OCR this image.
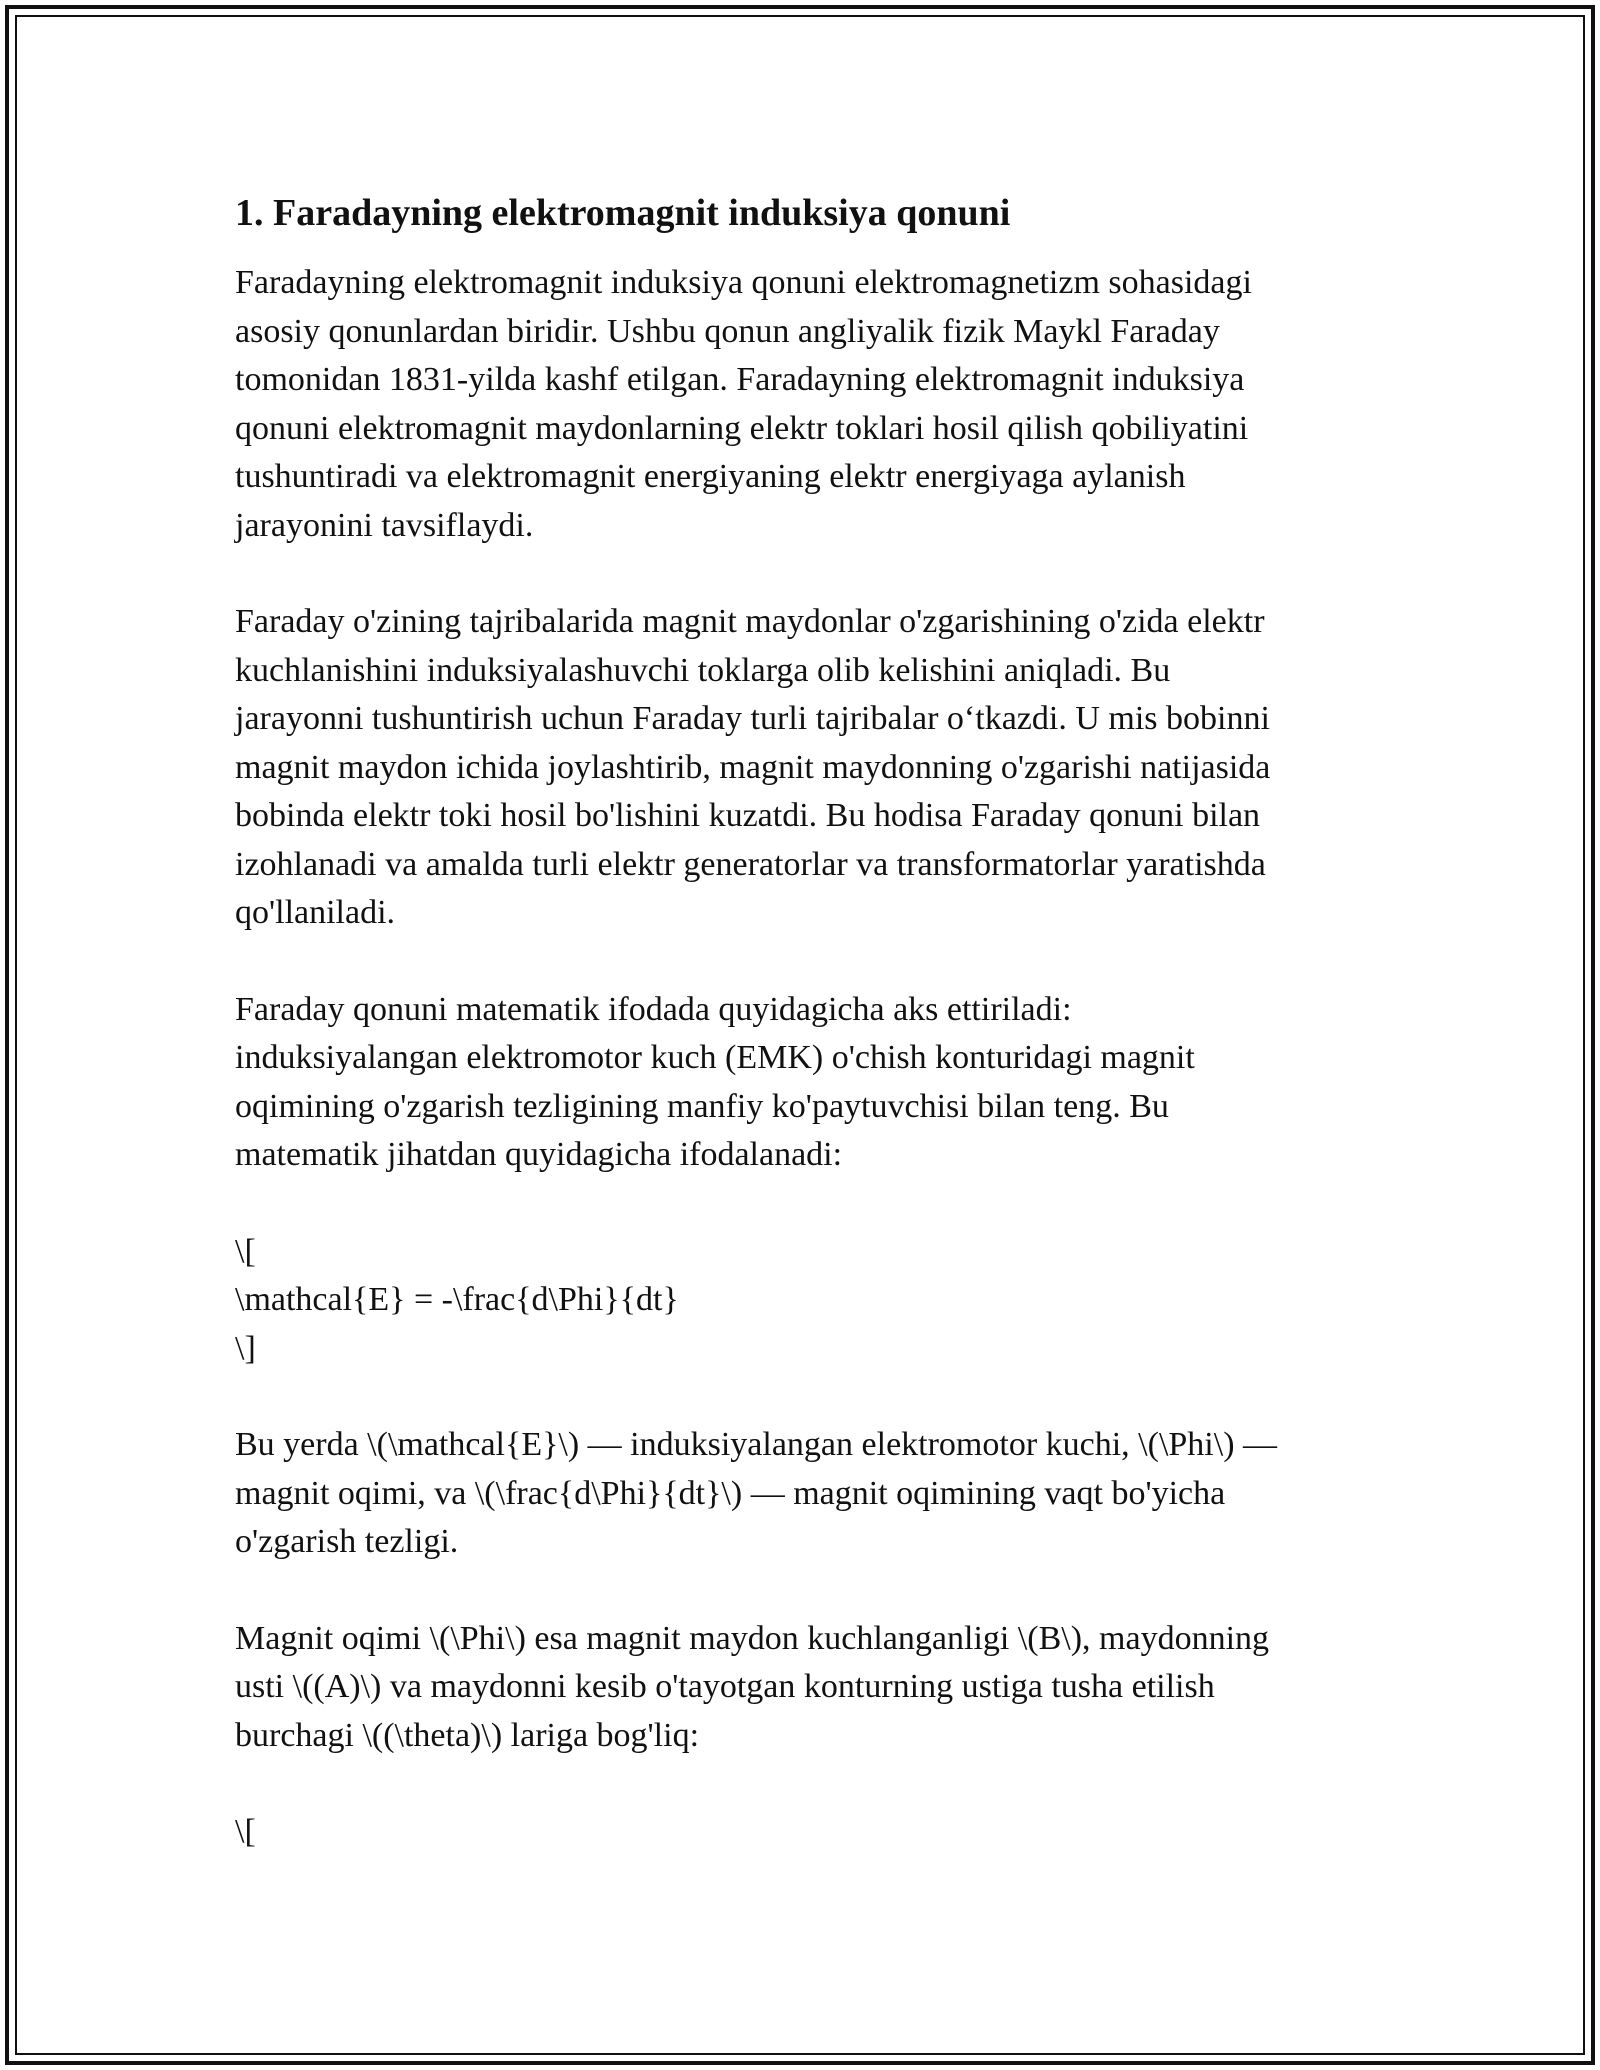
1. Faradayning elektromagnit induksiya qonuni

Faradayning elektromagnit induksiya qonuni elektromagnetizm sohasidagi
asosiy qonunlardan biridir. Ushbu qonun angliyalik fizik Maykl Faraday
tomonidan 1831-yilda kashf etilgan. Faradayning elektromagnit induksiya
qonuni elektromagnit maydonlarning elektr toklari hosil qilish qobiliyatini
tushuntiradi va elektromagnit energiyaning elektr energiyaga aylanish
jarayonini tavsiflaydi.

Faraday o'zining tajribalarida magnit maydonlar o'zgarishining o'zida elektr
kuchlanishini induksiyalashuvchi toklarga olib kelishini aniqladi. Bu
jarayonni tushuntirish uchun Faraday turli tajribalar o‘tkazdi. U mis bobinni
magnit maydon ichida joylashtirib, magnit maydonning o'zgarishi natijasida
bobinda elektr toki hosil bo'lishini kuzatdi. Bu hodisa Faraday qonuni bilan
izohlanadi va amalda turli elektr generatorlar va transformatorlar yaratishda
qo'llaniladi.

Faraday qonuni matematik ifodada quyidagicha aks ettiriladi:
induksiyalangan elektromotor kuch (EMK) o'chish konturidagi magnit
oqimining o'zgarish tezligining manfiy ko'paytuvchisi bilan teng. Bu
matematik jihatdan quyidagicha ifodalanadi:

\[
\mathcal{E} = -\frac{d\Phi}{dt}
\]

Bu yerda \(\mathcal{E}\) — induksiyalangan elektromotor kuchi, \(\Phi\) —
magnit oqimi, va \(\frac{d\Phi}{dt}\) — magnit oqimining vaqt bo'yicha
o'zgarish tezligi.

Magnit oqimi \(\Phi\) esa magnit maydon kuchlanganligi \(B\), maydonning
usti \((A)\) va maydonni kesib o'tayotgan konturning ustiga tusha etilish
burchagi \((\theta)\) lariga bog'liq:

\[
